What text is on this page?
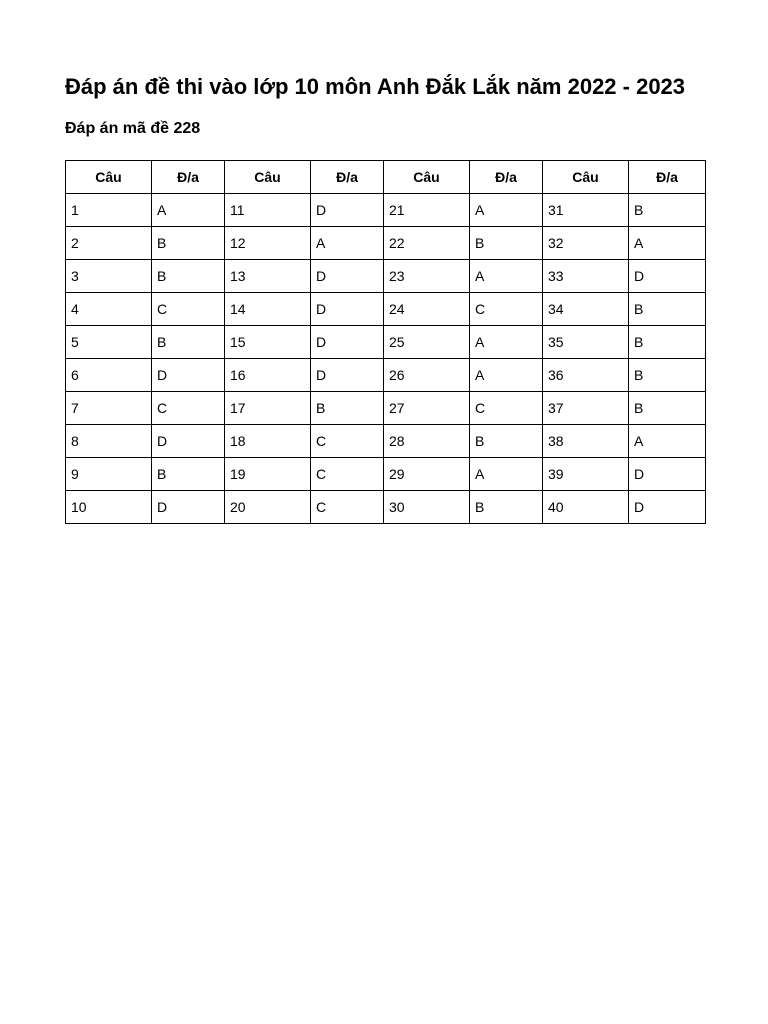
Đáp án đề thi vào lớp 10 môn Anh Đắk Lắk năm 2022 - 2023
Đáp án mã đề 228
Câu	Đ/a	Câu	Đ/a	Câu	Đ/a	Câu	Đ/a
1	A	11	D	21	A	31	B
2	B	12	A	22	B	32	A
3	B	13	D	23	A	33	D
4	C	14	D	24	C	34	B
5	B	15	D	25	A	35	B
6	D	16	D	26	A	36	B
7	C	17	B	27	C	37	B
8	D	18	C	28	B	38	A
9	B	19	C	29	A	39	D
10	D	20	C	30	B	40	D
